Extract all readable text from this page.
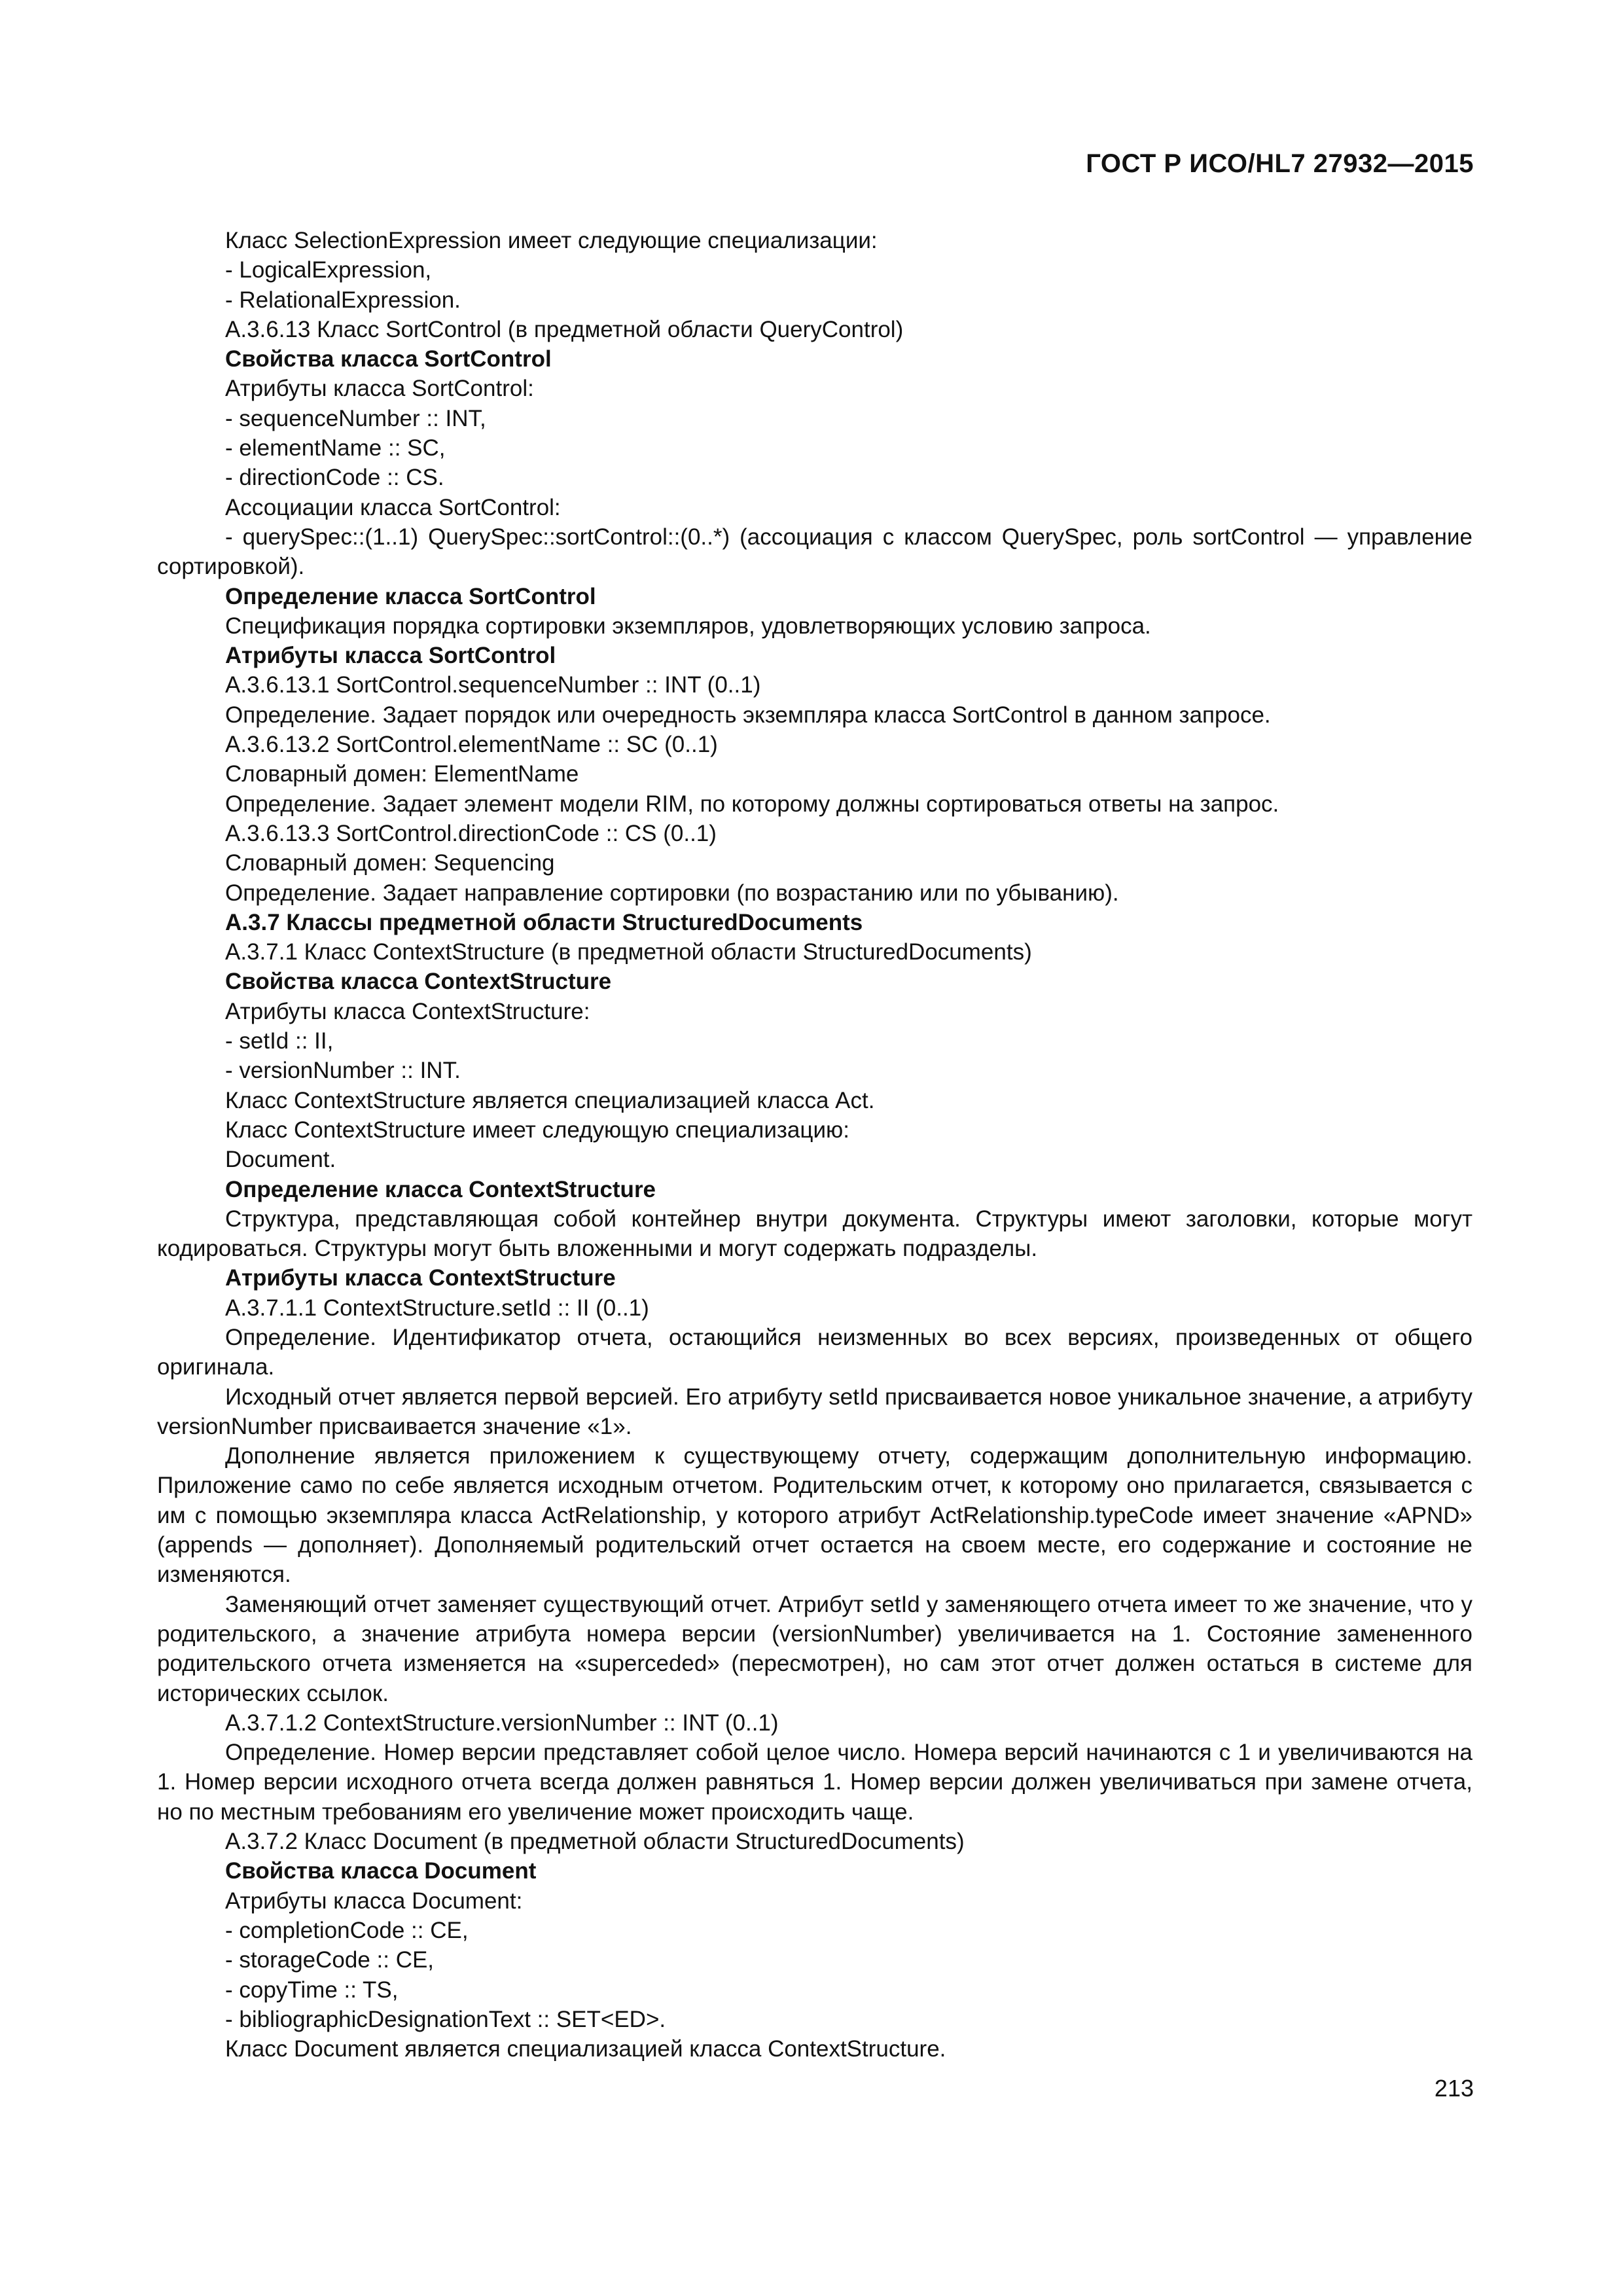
ГОСТ Р ИСО/HL7 27932—2015

Класс SelectionExpression имеет следующие специализации:

- LogicalExpression,

- RelationalExpression.

А.3.6.13 Класс SortControl (в предметной области QueryControl)

Свойства класса SortControl

Атрибуты класса SortControl:

- sequenceNumber :: INT,

- elementName :: SC,

- directionCode :: CS.

Ассоциации класса SortControl:

- querySpec::(1..1) QuerySpec::sortControl::(0..*) (ассоциация с классом QuerySpec, роль sortControl — управление сортировкой).

Определение класса SortControl

Спецификация порядка сортировки экземпляров, удовлетворяющих условию запроса.

Атрибуты класса SortControl

А.3.6.13.1 SortControl.sequenceNumber :: INT (0..1)

Определение. Задает порядок или очередность экземпляра класса SortControl в данном запросе.

А.3.6.13.2 SortControl.elementName :: SC (0..1)

Словарный домен: ElementName

Определение. Задает элемент модели RIM, по которому должны сортироваться ответы на запрос.

А.3.6.13.3 SortControl.directionCode :: CS (0..1)

Словарный домен: Sequencing

Определение. Задает направление сортировки (по возрастанию или по убыванию).

А.3.7 Классы предметной области StructuredDocuments

А.3.7.1 Класс ContextStructure (в предметной области StructuredDocuments)

Свойства класса ContextStructure

Атрибуты класса ContextStructure:

- setId :: II,

- versionNumber :: INT.

Класс ContextStructure является специализацией класса Act.

Класс ContextStructure имеет следующую специализацию:

Document.

Определение класса ContextStructure

Структура, представляющая собой контейнер внутри документа. Структуры имеют заголовки, которые могут кодироваться. Структуры могут быть вложенными и могут содержать подразделы.

Атрибуты класса ContextStructure

А.3.7.1.1 ContextStructure.setId :: II (0..1)

Определение. Идентификатор отчета, остающийся неизменных во всех версиях, произведенных от общего оригинала.

Исходный отчет является первой версией. Его атрибуту setId присваивается новое уникальное значение, а атрибуту versionNumber присваивается значение «1».

Дополнение является приложением к существующему отчету, содержащим дополнительную информацию. Приложение само по себе является исходным отчетом. Родительским отчет, к которому оно прилагается, связывается с им с помощью экземпляра класса ActRelationship, у которого атрибут ActRelationship.typeCode имеет значение «APND» (appends — дополняет). Дополняемый родительский отчет остается на своем месте, его содержание и состояние не изменяются.

Заменяющий отчет заменяет существующий отчет. Атрибут setId у заменяющего отчета имеет то же значение, что у родительского, а значение атрибута номера версии (versionNumber) увеличивается на 1. Состояние замененного родительского отчета изменяется на «superceded» (пересмотрен), но сам этот отчет должен остаться в системе для исторических ссылок.

А.3.7.1.2 ContextStructure.versionNumber :: INT (0..1)

Определение. Номер версии представляет собой целое число. Номера версий начинаются с 1 и увеличиваются на 1. Номер версии исходного отчета всегда должен равняться 1. Номер версии должен увеличиваться при замене отчета, но по местным требованиям его увеличение может происходить чаще.

А.3.7.2 Класс Document (в предметной области StructuredDocuments)

Свойства класса Document

Атрибуты класса Document:

- completionCode :: CE,

- storageCode :: CE,

- copyTime :: TS,

- bibliographicDesignationText :: SET<ED>.

Класс Document является специализацией класса ContextStructure.

213
